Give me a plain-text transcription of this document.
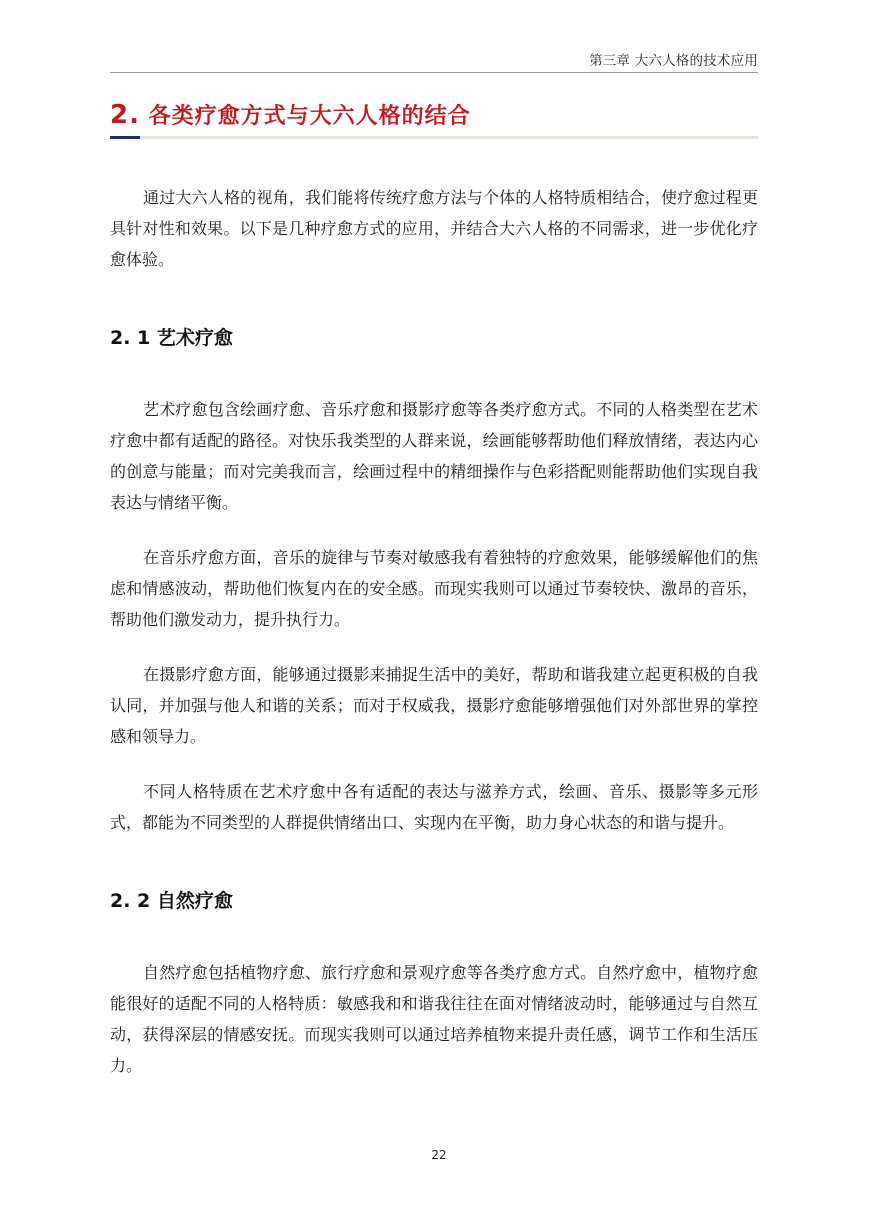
第三章 大六人格的技术应用
2. 各类疗愈方式与大六人格的结合

通过大六人格的视角，我们能将传统疗愈方法与个体的人格特质相结合，使疗愈过程更具针对性和效果。以下是几种疗愈方式的应用，并结合大六人格的不同需求，进一步优化疗愈体验。

2. 1 艺术疗愈

艺术疗愈包含绘画疗愈、音乐疗愈和摄影疗愈等各类疗愈方式。不同的人格类型在艺术疗愈中都有适配的路径。对快乐我类型的人群来说，绘画能够帮助他们释放情绪，表达内心的创意与能量；而对完美我而言，绘画过程中的精细操作与色彩搭配则能帮助他们实现自我表达与情绪平衡。

在音乐疗愈方面，音乐的旋律与节奏对敏感我有着独特的疗愈效果，能够缓解他们的焦虑和情感波动，帮助他们恢复内在的安全感。而现实我则可以通过节奏较快、激昂的音乐，帮助他们激发动力，提升执行力。

在摄影疗愈方面，能够通过摄影来捕捉生活中的美好，帮助和谐我建立起更积极的自我认同，并加强与他人和谐的关系；而对于权威我，摄影疗愈能够增强他们对外部世界的掌控感和领导力。

不同人格特质在艺术疗愈中各有适配的表达与滋养方式，绘画、音乐、摄影等多元形式，都能为不同类型的人群提供情绪出口、实现内在平衡，助力身心状态的和谐与提升。

2. 2 自然疗愈

自然疗愈包括植物疗愈、旅行疗愈和景观疗愈等各类疗愈方式。自然疗愈中，植物疗愈能很好的适配不同的人格特质：敏感我和和谐我往往在面对情绪波动时，能够通过与自然互动，获得深层的情感安抚。而现实我则可以通过培养植物来提升责任感，调节工作和生活压力。

22
